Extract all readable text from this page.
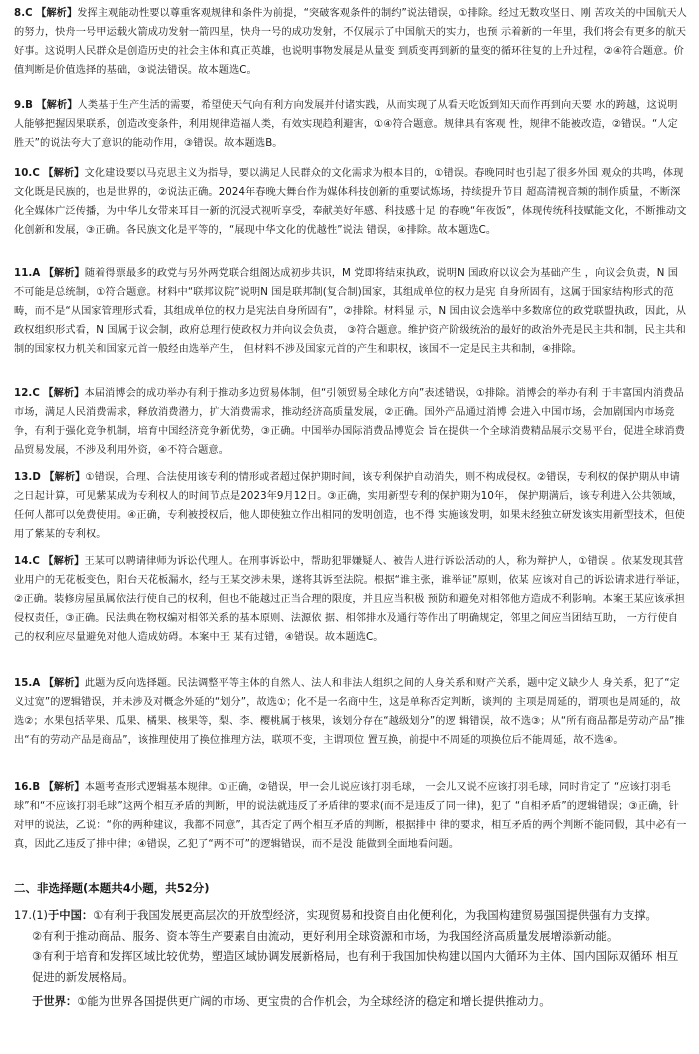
8.C 【解析】发挥主观能动性要以尊重客观规律和条件为前提，“突破客观条件的制约”说法错误，①排除。经过无数攻坚日、刚 苦攻关的中国航天人的努力，快舟一号甲运载火箭成功发射一箭四星，快舟一号的成功发射，不仅展示了中国航天的实力，也预 示着新的一年里，我们将会有更多的航天好事。这说明人民群众是创造历史的社会主体和真正英雄，也说明事物发展是从量变 到质变再到新的量变的循环往复的上升过程，②④符合题意。价值判断是价值选择的基础，③说法错误。故本题选C。

9.B 【解析】人类基于生产生活的需要，希望使天气向有利方向发展并付诸实践，从而实现了从看天吃饭到知天而作再到向天要 水的跨越，这说明人能够把握因果联系，创造改变条件，利用规律造福人类，有效实现趋利避害，①④符合题意。规律具有客观 性，规律不能被改造，②错误。“人定胜天”的说法夸大了意识的能动作用，③错误。故本题选B。

10.C 【解析】文化建设要以马克思主义为指导，要以满足人民群众的文化需求为根本目的，①错误。春晚同时也引起了很多外国 观众的共鸣，体现文化既是民族的，也是世界的，②说法正确。2024年春晚大舞台作为媒体科技创新的重要试炼场，持续提升节目 超高清视音频的制作质量，不断深化全媒体广泛传播，为中华儿女带来耳目一新的沉浸式视听享受，奉献美好年感、科技感十足 的春晚“年夜饭”，体现传统科技赋能文化，不断推动文化创新和发展，③正确。各民族文化是平等的，“展现中华文化的优越性”说法 错误，④排除。故本题选C。

11.A 【解析】随着得票最多的政党与另外两党联合组阁达成初步共识，M 党即将结束执政，说明N 国政府以议会为基础产生 ，向议会负责，N 国不可能是总统制，①符合题意。材料中“联邦议院”说明N 国是联邦制(复合制)国家，其组成单位的权力是宪 自身所固有，这属于国家结构形式的范畴，而不是“从国家管理形式看，其组成单位的权力是宪法自身所固有”，②排除。材料显 示，N 国由议会选举中多数席位的政党联盟执政，因此，从政权组织形式看，N 国属于议会制，政府总理行使政权力并向议会负责， ③符合题意。维护资产阶级统治的最好的政治外壳是民主共和制，民主共和制的国家权力机关和国家元首一般经由选举产生， 但材料不涉及国家元首的产生和职权，该国不一定是民主共和制，④排除。

12.C 【解析】本届消博会的成功举办有利于推动多边贸易体制，但“引领贸易全球化方向”表述错误，①排除。消博会的举办有利 于丰富国内消费品市场，满足人民消费需求，释放消费潜力，扩大消费需求，推动经济高质量发展，②正确。国外产品通过消博 会进入中国市场，会加剧国内市场竞争，有利于强化竞争机制，培育中国经济竞争新优势，③正确。中国举办国际消费品博览会 旨在提供一个全球消费精品展示交易平台，促进全球消费品贸易发展，不涉及利用外资，④不符合题意。

13.D 【解析】①错误，合理、合法使用该专利的情形或者超过保护期时间，该专利保护自动消失，则不构成侵权。②错误，专利权的保护期从申请之日起计算，可见紫某成为专利权人的时间节点是2023年9月12日。③正确，实用新型专利的保护期为10年， 保护期满后，该专利进入公共领域，任何人都可以免费使用。④正确，专利被授权后，他人即使独立作出相同的发明创造，也不得 实施该发明，如果未经独立研发该实用新型技术，但使用了紫某的专利权。

14.C 【解析】王某可以聘请律师为诉讼代理人。在刑事诉讼中，帮助犯罪嫌疑人、被告人进行诉讼活动的人，称为辩护人，①错误 。依某发现其营业用户的无花板变色，阳台天花板漏水，经与王某交涉未果，遂将其诉至法院。根据“谁主张，谁举证”原则，依某 应该对自己的诉讼请求进行举证，②正确。装修房屋虽属依法行使自己的权利，但也不能越过正当合理的限度，并且应当积极 预防和避免对相邻他方造成不利影响。本案王某应该承担侵权责任，③正确。民法典在物权编对相邻关系的基本原则、法源依 据、相邻排水及通行等作出了明确规定，邻里之间应当团结互助， 一方行使自己的权利应尽量避免对他人造成妨碍。本案中王 某有过错，④错误。故本题选C。

15.A 【解析】此题为反向选择题。民法调整平等主体的自然人、法人和非法人组织之间的人身关系和财产关系，题中定义缺少人 身关系，犯了“定义过宽”的逻辑错误，并未涉及对概念外延的“划分”，故选①；化不是一名商中生，这是单称否定判断，谈判的 主项是周延的，谓项也是周延的，故选②；水果包括苹果、瓜果、橘果、核果等，梨、李、樱桃属于核果，该划分存在“越级划分”的逻 辑错误，故不选③；从“所有商品都是劳动产品”推出“有的劳动产品是商品”，该推理使用了换位推理方法，联项不变，主谓项位 置互换，前提中不周延的项换位后不能周延，故不选④。

16.B 【解析】本题考查形式逻辑基本规律。①正确，②错误，甲一会儿说应该打羽毛球， 一会儿又说不应该打羽毛球，同时肯定了 “应该打羽毛球”和“不应该打羽毛球”这两个相互矛盾的判断，甲的说法就违反了矛盾律的要求(而不是违反了同一律)，犯了 “自相矛盾”的逻辑错误；③正确，针对甲的说法，乙说：“你的两种建议，我都不同意”，其否定了两个相互矛盾的判断，根据排中 律的要求，相互矛盾的两个判断不能同假，其中必有一真，因此乙违反了排中律；④错误，乙犯了“两不可”的逻辑错误，而不是没 能做到全面地看问题。

二、非选择题(本题共4小题，共52分)
17.(1)于中国：①有利于我国发展更高层次的开放型经济，实现贸易和投资自由化便利化，为我国构建贸易强国提供强有力支撑。
②有利于推动商品、服务、资本等生产要素自由流动，更好利用全球资源和市场，为我国经济高质量发展增添新动能。
③有利于培育和发挥区域比较优势，塑造区域协调发展新格局，也有利于我国加快构建以国内大循环为主体、国内国际双循环 相互促进的新发展格局。
于世界：①能为世界各国提供更广阔的市场、更宝贵的合作机会，为全球经济的稳定和增长提供推动力。
